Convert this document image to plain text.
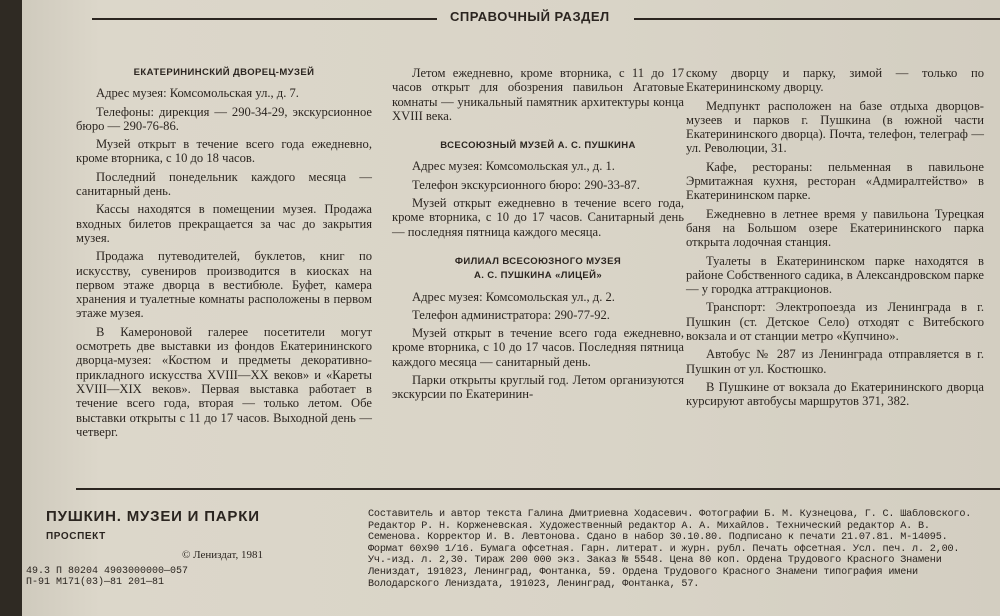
СПРАВОЧНЫЙ РАЗДЕЛ

ЕКАТЕРИНИНСКИЙ ДВОРЕЦ-МУЗЕЙ

Адрес музея: Комсомольская ул., д. 7.

Телефоны: дирекция — 290-34-29, экскурсионное бюро — 290-76-86.

Музей открыт в течение всего года ежедневно, кроме вторника, с 10 до 18 часов.

Последний понедельник каждого месяца — санитарный день.

Кассы находятся в помещении музея. Продажа входных билетов прекращается за час до закрытия музея.

Продажа путеводителей, буклетов, книг по искусству, сувениров производится в киосках на первом этаже дворца в вестибюле. Буфет, камера хранения и туалетные комнаты расположены в первом этаже музея.

В Камероновой галерее посетители могут осмотреть две выставки из фондов Екатерининского дворца-музея: «Костюм и предметы декоративно-прикладного искусства XVIII—XX веков» и «Кареты XVIII—XIX веков». Первая выставка работает в течение всего года, вторая — только летом. Обе выставки открыты с 11 до 17 часов. Выходной день — четверг.

Летом ежедневно, кроме вторника, с 11 до 17 часов открыт для обозрения павильон Агатовые комнаты — уникальный памятник архитектуры конца XVIII века.

ВСЕСОЮЗНЫЙ МУЗЕЙ А. С. ПУШКИНА

Адрес музея: Комсомольская ул., д. 1.

Телефон экскурсионного бюро: 290-33-87.

Музей открыт ежедневно в течение всего года, кроме вторника, с 10 до 17 часов. Санитарный день — последняя пятница каждого месяца.

ФИЛИАЛ ВСЕСОЮЗНОГО МУЗЕЯ

А. С. ПУШКИНА «ЛИЦЕЙ»

Адрес музея: Комсомольская ул., д. 2.

Телефон администратора: 290-77-92.

Музей открыт в течение всего года ежедневно, кроме вторника, с 10 до 17 часов. Последняя пятница каждого месяца — санитарный день.

Парки открыты круглый год. Летом организуются экскурсии по Екатеринин-

скому дворцу и парку, зимой — только по Екатерининскому дворцу.

Медпункт расположен на базе отдыха дворцов-музеев и парков г. Пушкина (в южной части Екатерининского дворца). Почта, телефон, телеграф — ул. Революции, 31.

Кафе, рестораны: пельменная в павильоне Эрмитажная кухня, ресторан «Адмиралтейство» в Екатерининском парке.

Ежедневно в летнее время у павильона Турецкая баня на Большом озере Екатерининского парка открыта лодочная станция.

Туалеты в Екатерининском парке находятся в районе Собственного садика, в Александровском парке — у городка аттракционов.

Транспорт: Электропоезда из Ленинграда в г. Пушкин (ст. Детское Село) отходят с Витебского вокзала и от станции метро «Купчино».

Автобус № 287 из Ленинграда отправляется в г. Пушкин от ул. Костюшко.

В Пушкине от вокзала до Екатерининского дворца курсируют автобусы маршрутов 371, 382.

ПУШКИН. МУЗЕИ И ПАРКИ
ПРОСПЕКТ
© Лениздат, 1981
49.3 П 80204 4903000000—057
П-91 М171(03)—81 201—81
Составитель и автор текста Галина Дмитриевна Ходасевич. Фотографии Б. М. Кузнецова, Г. С. Шабловского.
Редактор Р. Н. Корженевская. Художественный редактор А. А. Михайлов. Технический редактор А. В.
Семенова. Корректор И. В. Левтонова. Сдано в набор 30.10.80. Подписано к печати 21.07.81. М-14095.
Формат 60х90 1/16. Бумага офсетная. Гарн. литерат. и журн. рубл. Печать офсетная. Усл. печ. л. 2,00.
Уч.-изд. л. 2,30. Тираж 200 000 экз. Заказ № 5548. Цена 80 коп. Ордена Трудового Красного Знамени
Лениздат, 191023, Ленинград, Фонтанка, 59. Ордена Трудового Красного Знамени типография имени
Володарского Лениздата, 191023, Ленинград, Фонтанка, 57.
